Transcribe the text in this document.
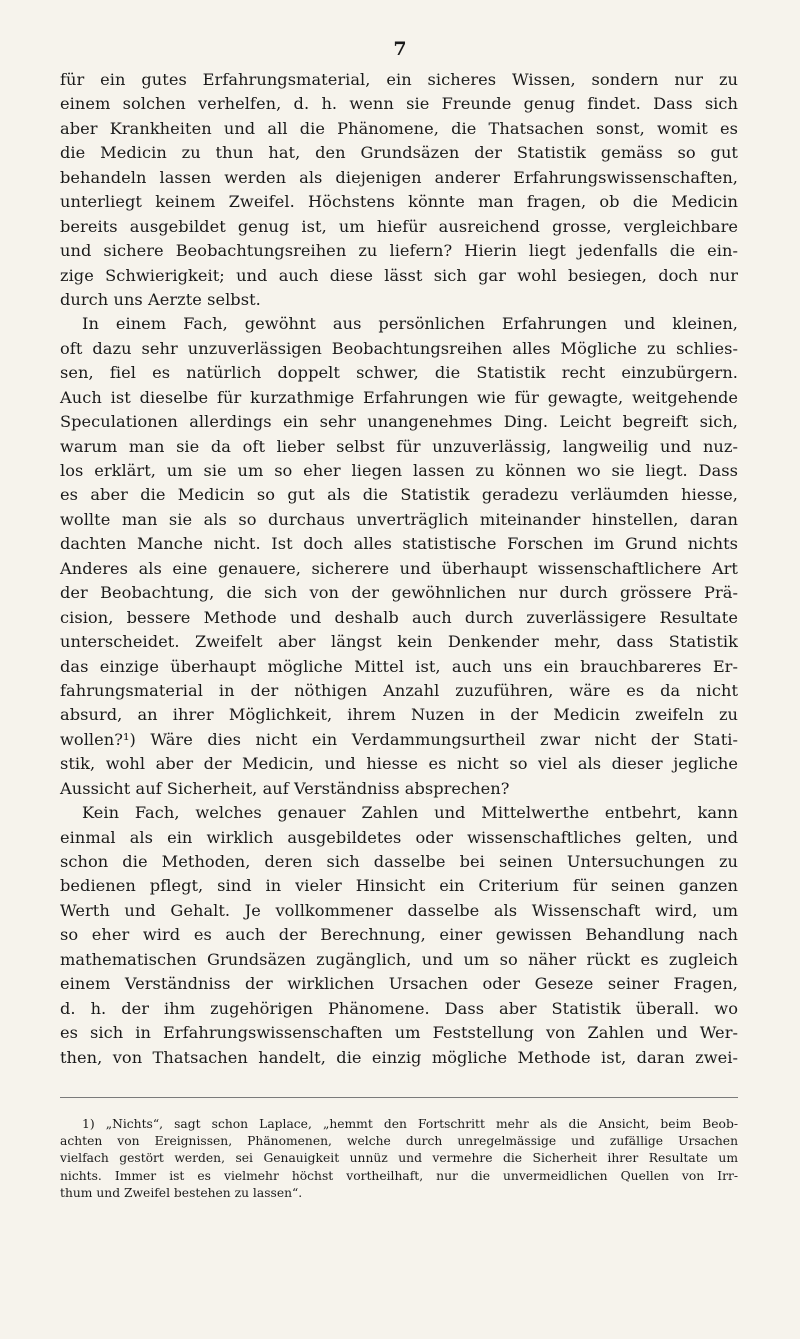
7
für ein gutes Erfahrungsmaterial, ein sicheres Wissen, sondern nur zu
einem solchen verhelfen, d. h. wenn sie Freunde genug findet. Dass sich
aber Krankheiten und all die Phänomene, die Thatsachen sonst, womit es
die Medicin zu thun hat, den Grundsäzen der Statistik gemäss so gut
behandeln lassen werden als diejenigen anderer Erfahrungswissenschaften,
unterliegt keinem Zweifel. Höchstens könnte man fragen, ob die Medicin
bereits ausgebildet genug ist, um hiefür ausreichend grosse, vergleichbare
und sichere Beobachtungsreihen zu liefern? Hierin liegt jedenfalls die ein-
zige Schwierigkeit; und auch diese lässt sich gar wohl besiegen, doch nur
durch uns Aerzte selbst.
In einem Fach, gewöhnt aus persönlichen Erfahrungen und kleinen,
oft dazu sehr unzuverlässigen Beobachtungsreihen alles Mögliche zu schlies-
sen, fiel es natürlich doppelt schwer, die Statistik recht einzubürgern.
Auch ist dieselbe für kurzathmige Erfahrungen wie für gewagte, weitgehende
Speculationen allerdings ein sehr unangenehmes Ding. Leicht begreift sich,
warum man sie da oft lieber selbst für unzuverlässig, langweilig und nuz-
los erklärt, um sie um so eher liegen lassen zu können wo sie liegt. Dass
es aber die Medicin so gut als die Statistik geradezu verläumden hiesse,
wollte man sie als so durchaus unverträglich miteinander hinstellen, daran
dachten Manche nicht. Ist doch alles statistische Forschen im Grund nichts
Anderes als eine genauere, sicherere und überhaupt wissenschaftlichere Art
der Beobachtung, die sich von der gewöhnlichen nur durch grössere Prä-
cision, bessere Methode und deshalb auch durch zuverlässigere Resultate
unterscheidet. Zweifelt aber längst kein Denkender mehr, dass Statistik
das einzige überhaupt mögliche Mittel ist, auch uns ein brauchbareres Er-
fahrungsmaterial in der nöthigen Anzahl zuzuführen, wäre es da nicht
absurd, an ihrer Möglichkeit, ihrem Nuzen in der Medicin zweifeln zu
wollen?¹) Wäre dies nicht ein Verdammungsurtheil zwar nicht der Stati-
stik, wohl aber der Medicin, und hiesse es nicht so viel als dieser jegliche
Aussicht auf Sicherheit, auf Verständniss absprechen?
Kein Fach, welches genauer Zahlen und Mittelwerthe entbehrt, kann
einmal als ein wirklich ausgebildetes oder wissenschaftliches gelten, und
schon die Methoden, deren sich dasselbe bei seinen Untersuchungen zu
bedienen pflegt, sind in vieler Hinsicht ein Criterium für seinen ganzen
Werth und Gehalt. Je vollkommener dasselbe als Wissenschaft wird, um
so eher wird es auch der Berechnung, einer gewissen Behandlung nach
mathematischen Grundsäzen zugänglich, und um so näher rückt es zugleich
einem Verständniss der wirklichen Ursachen oder Geseze seiner Fragen,
d. h. der ihm zugehörigen Phänomene. Dass aber Statistik überall. wo
es sich in Erfahrungswissenschaften um Feststellung von Zahlen und Wer-
then, von Thatsachen handelt, die einzig mögliche Methode ist, daran zwei-
1) „Nichts“, sagt schon Laplace, „hemmt den Fortschritt mehr als die Ansicht, beim Beob-
achten von Ereignissen, Phänomenen, welche durch unregelmässige und zufällige Ursachen
vielfach gestört werden, sei Genauigkeit unnüz und vermehre die Sicherheit ihrer Resultate um
nichts. Immer ist es vielmehr höchst vortheilhaft, nur die unvermeidlichen Quellen von Irr-
thum und Zweifel bestehen zu lassen“.
